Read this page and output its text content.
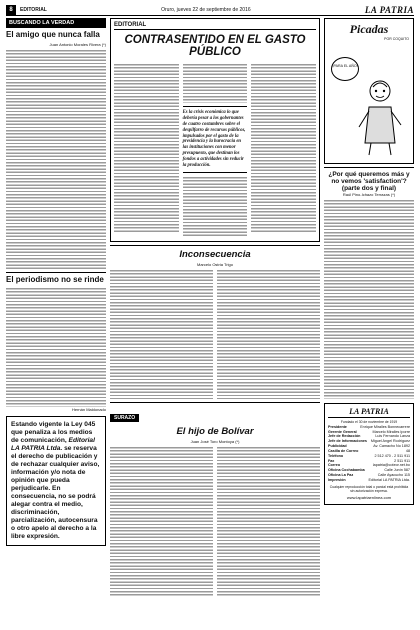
8	EDITORIAL	Oruro, jueves 22 de septiembre de 2016	LA PATRIA
BUSCANDO LA VERDAD
El amigo que nunca falla
Juan Antonio Morales Rivera (*)
El periodismo no se rinde
Hernán Maldonado
Estando vigente la Ley 045 que penaliza a los medios de comunicación, Editorial LA PATRIA Ltda. se reserva el derecho de publicación y de rechazar cualquier aviso, información y/o nota de opinión que pueda perjudicarle. En consecuencia, no se podrá alegar contra el medio, discriminación, parcialización, autocensura o otro apelo al derecho a la libre expresión.
EDITORIAL
CONTRASENTIDO EN EL GASTO PÚBLICO
Es la crisis económica lo que debería pesar a los gobernantes de cuatro costumbres sobre el despilfarro de recursos públicos, impulsados por el gasto de la presidencia y la burocracia en las instituciones con menor presupuesto, que destinan los fondos a actividades sin reducir la producción.
Inconsecuencia
Marcelo Ostria Trigo
SURAZO
El hijo de Bolívar
Juan José Toro Montoya (*)
Picadas
POR COQUITO
¡PARA EL AÑO!
¿Por qué queremos más y no vemos 'satisfaction'? (parte dos y final)
Raúl Pino-Ichazo Terrazas (*)
LA PATRIA
Fundado el 30 de noviembre de 1919
Presidente	Enrique Miralles Bonnecarrere
Gerente General	Marcelo Miralles Iporre
Jefe de Redacción	Luis Fernando Lanza
Jefe de Informaciones Miguel Angel Rodríguez
Publicidad	Av. Camacho No 1892
Casilla de Correo	48
Teléfono	2 512 470 - 2 511 911
Fax	2 511 911
Correo	lapatria@coteor.net.bo
Oficina Cochabamba	Calle Junín 587
Oficina La Paz	Calle Ayacucho 115
Impresión	Editorial LA PATRIA Ltda.
Cualquier reproducción total o parcial está prohibida sin autorización expresa.
www.lapatriaenlinea.com
